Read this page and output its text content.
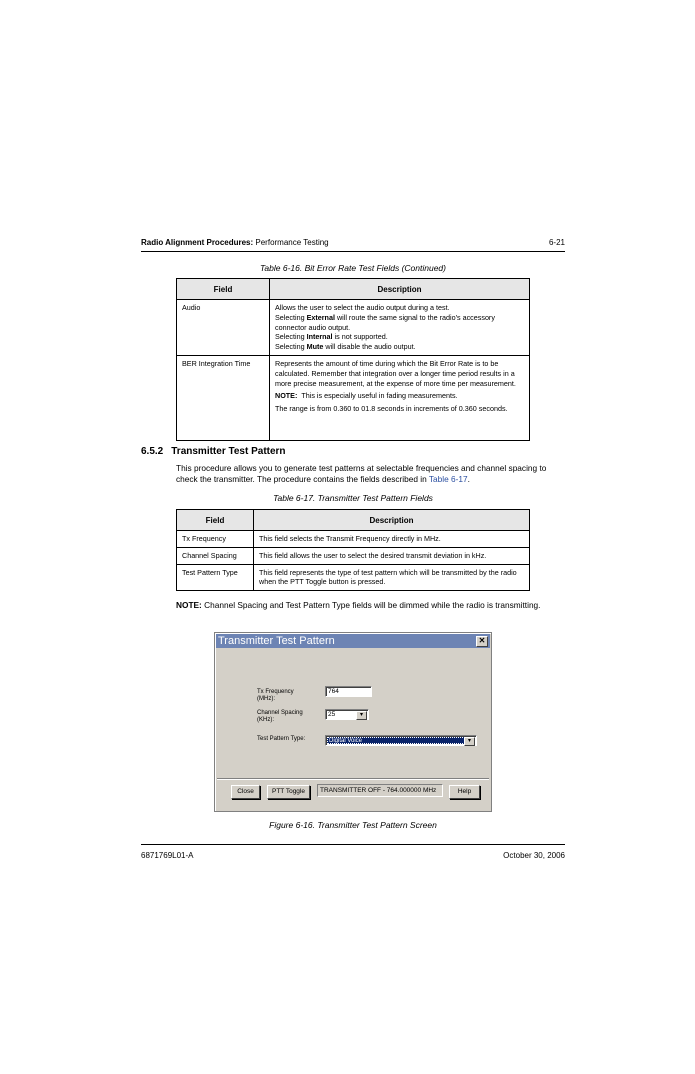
Radio Alignment Procedures: Performance Testing	6-21
Table 6-16. Bit Error Rate Test Fields (Continued)
Field	Description
Audio	Allows the user to select the audio output during a test.
Selecting External will route the same signal to the radio's accessory connector audio output.
Selecting Internal is not supported.
Selecting Mute will disable the audio output.

BER Integration Time	Represents the amount of time during which the Bit Error Rate is to be calculated. Remember that integration over a longer time period results in a more precise measurement, at the expense of more time per measurement.
NOTE: This is especially useful in fading measurements.
The range is from 0.360 to 01.8 seconds in increments of 0.360 seconds.
6.5.2 Transmitter Test Pattern
This procedure allows you to generate test patterns at selectable frequencies and channel spacing to check the transmitter. The procedure contains the fields described in Table 6-17.
Table 6-17. Transmitter Test Pattern Fields
Field	Description
Tx Frequency	This field selects the Transmit Frequency directly in MHz.
Channel Spacing	This field allows the user to select the desired transmit deviation in kHz.
Test Pattern Type	This field represents the type of test pattern which will be transmitted by the radio when the PTT Toggle button is pressed.
NOTE: Channel Spacing and Test Pattern Type fields will be dimmed while the radio is transmitting.
Transmitter Test Pattern	✕
Tx Frequency
(MHz):
764
Channel Spacing
(KHz):
25	▾
Test Pattern Type:	Digital Voice	▾
Close	PTT Toggle	TRANSMITTER OFF - 764.000000 MHz	Help
Figure 6-16. Transmitter Test Pattern Screen
6871769L01-A	October 30, 2006
